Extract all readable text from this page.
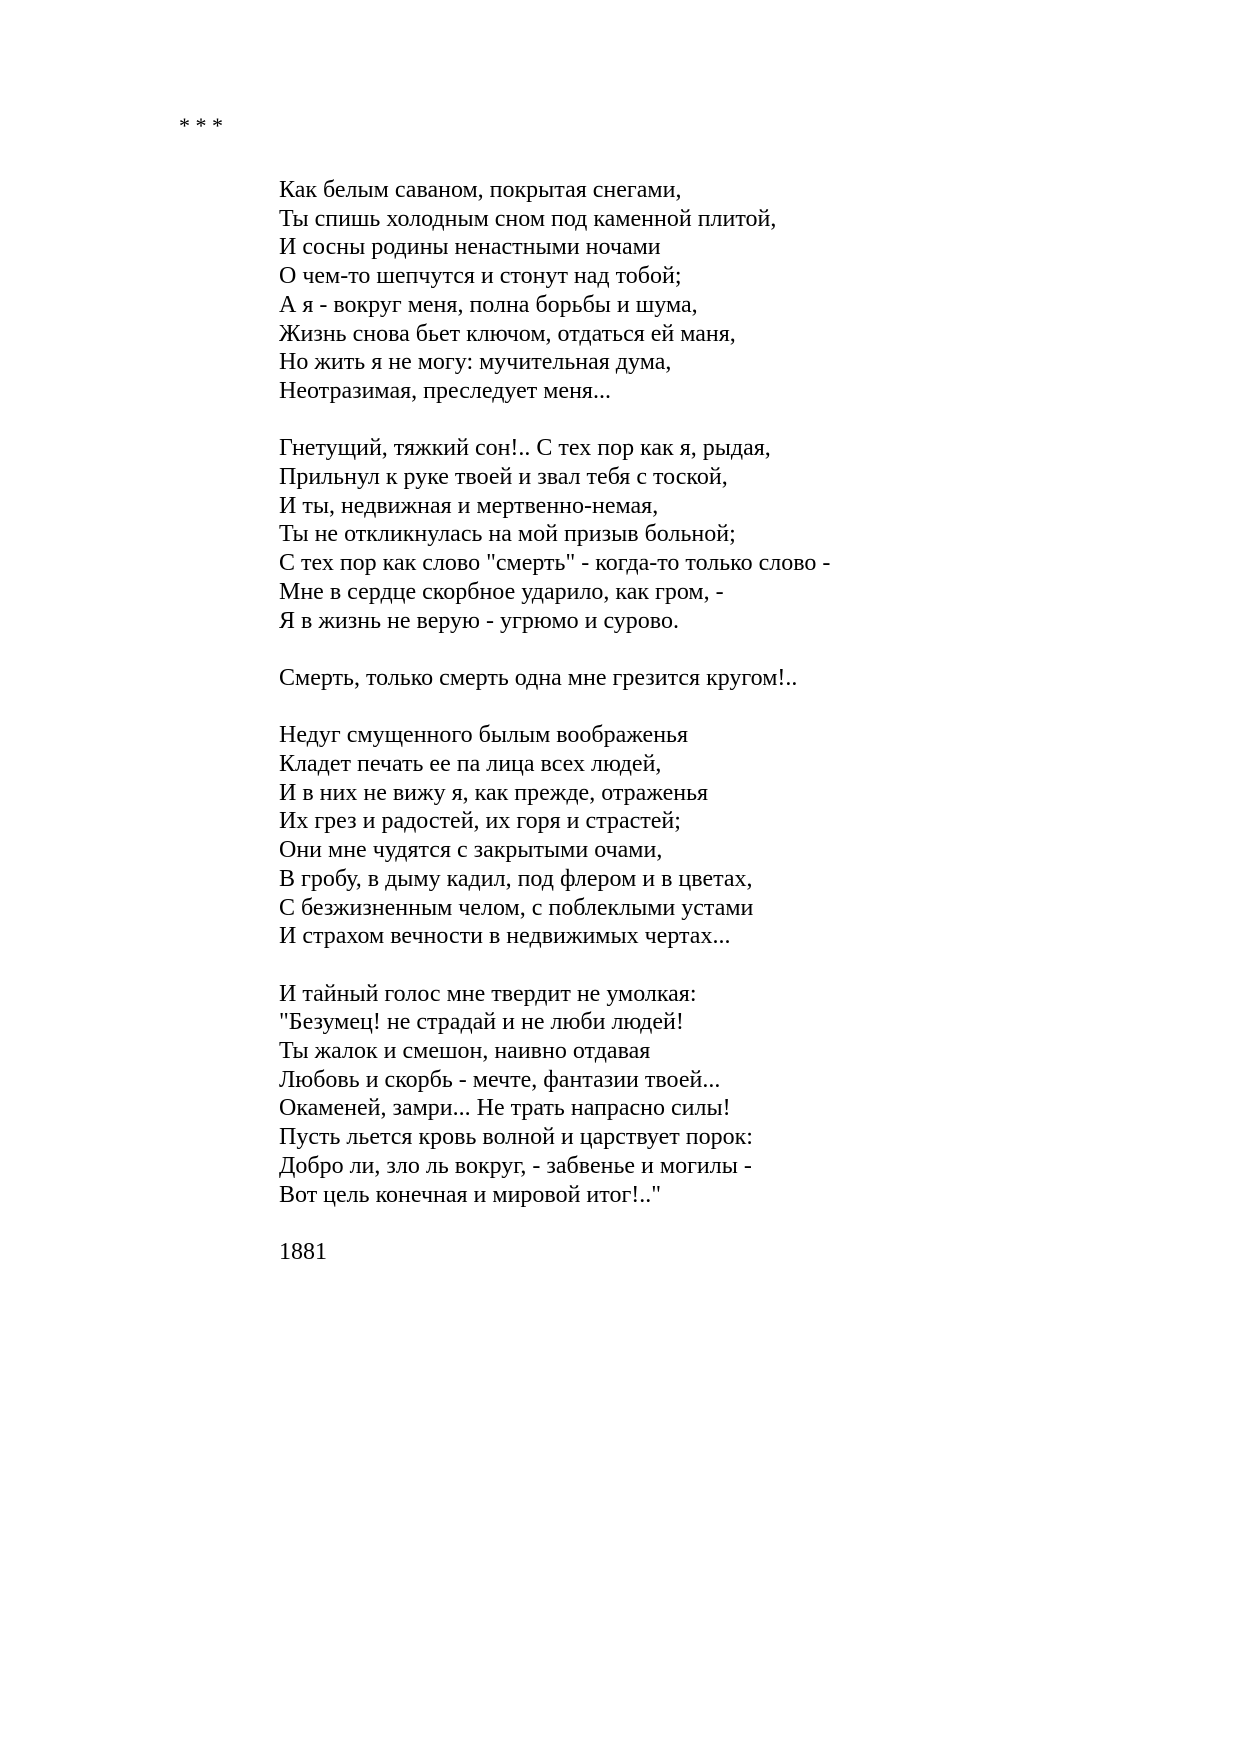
* * *
Как белым саваном, покрытая снегами,
Ты спишь холодным сном под каменной плитой,
И сосны родины ненастными ночами
О чем-то шепчутся и стонут над тобой;
А я - вокруг меня, полна борьбы и шума,
Жизнь снова бьет ключом, отдаться ей маня,
Но жить я не могу: мучительная дума,
Неотразимая, преследует меня...
Гнетущий, тяжкий сон!.. С тех пор как я, рыдая,
Прильнул к руке твоей и звал тебя с тоской,
И ты, недвижная и мертвенно-немая,
Ты не откликнулась на мой призыв больной;
С тех пор как слово "смерть" - когда-то только слово -
Мне в сердце скорбное ударило, как гром, -
Я в жизнь не верую - угрюмо и сурово.
Смерть, только смерть одна мне грезится кругом!..
Недуг смущенного былым воображенья
Кладет печать ее па лица всех людей,
И в них не вижу я, как прежде, отраженья
Их грез и радостей, их горя и страстей;
Они мне чудятся с закрытыми очами,
В гробу, в дыму кадил, под флером и в цветах,
С безжизненным челом, с поблеклыми устами
И страхом вечности в недвижимых чертах...
И тайный голос мне твердит не умолкая:
"Безумец! не страдай и не люби людей!
Ты жалок и смешон, наивно отдавая
Любовь и скорбь - мечте, фантазии твоей...
Окаменей, замри... Не трать напрасно силы!
Пусть льется кровь волной и царствует порок:
Добро ли, зло ль вокруг, - забвенье и могилы -
Вот цель конечная и мировой итог!.."
1881
